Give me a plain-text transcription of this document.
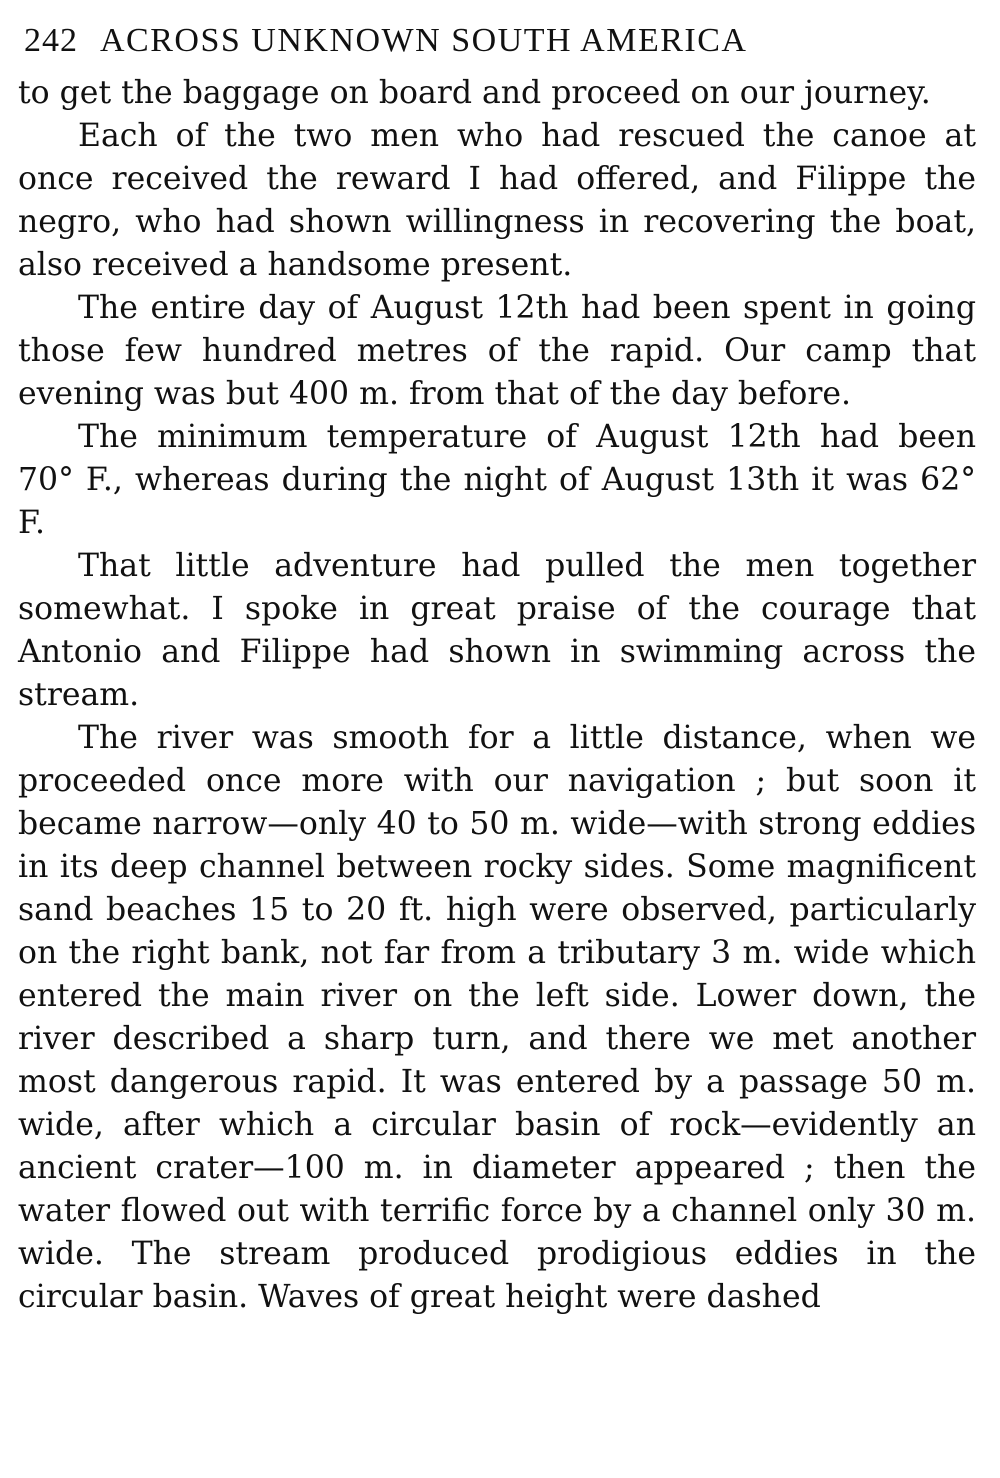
242 ACROSS UNKNOWN SOUTH AMERICA

to get the baggage on board and proceed on our journey.

Each of the two men who had rescued the canoe at once received the reward I had offered, and Filippe the negro, who had shown willingness in recovering the boat, also received a handsome present.

The entire day of August 12th had been spent in going those few hundred metres of the rapid. Our camp that evening was but 400 m. from that of the day before.

The minimum temperature of August 12th had been 70° F., whereas during the night of August 13th it was 62° F.

That little adventure had pulled the men together somewhat. I spoke in great praise of the courage that Antonio and Filippe had shown in swimming across the stream.

The river was smooth for a little distance, when we proceeded once more with our navigation ; but soon it became narrow—only 40 to 50 m. wide—with strong eddies in its deep channel between rocky sides. Some magnificent sand beaches 15 to 20 ft. high were observed, particularly on the right bank, not far from a tributary 3 m. wide which entered the main river on the left side. Lower down, the river described a sharp turn, and there we met another most dangerous rapid. It was entered by a passage 50 m. wide, after which a circular basin of rock—evidently an ancient crater—100 m. in diameter appeared ; then the water flowed out with terrific force by a channel only 30 m. wide. The stream produced prodigious eddies in the circular basin. Waves of great height were dashed
